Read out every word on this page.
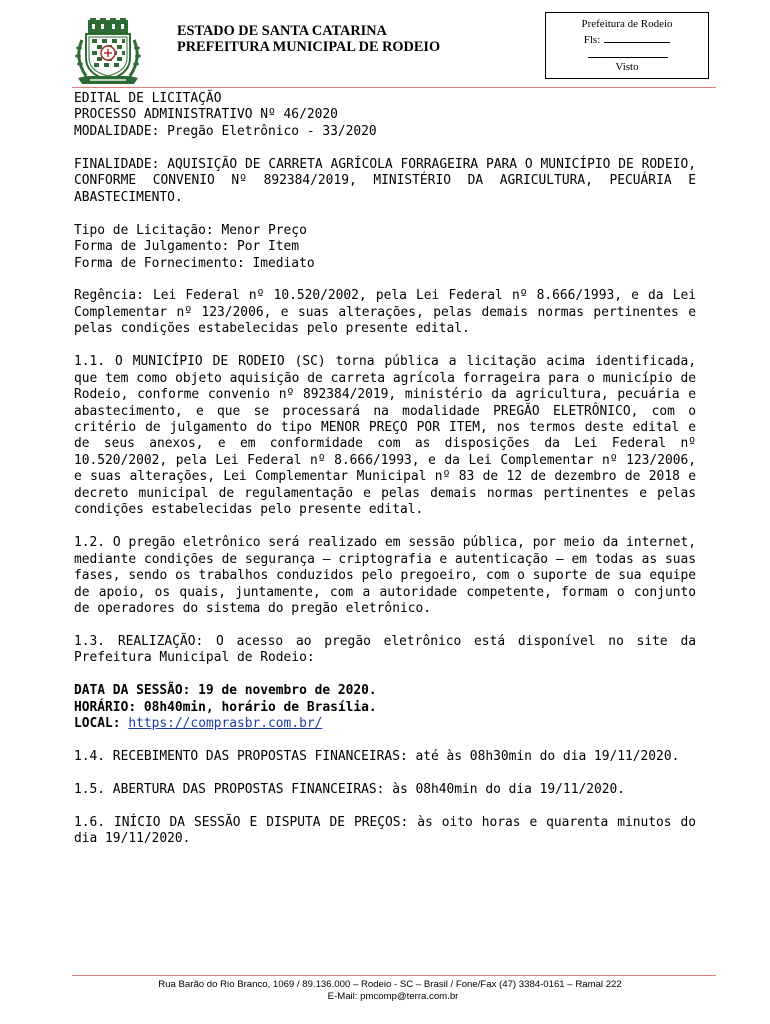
ESTADO DE SANTA CATARINA
PREFEITURA MUNICIPAL DE RODEIO
Prefeitura de Rodeio
Fls:
Visto

EDITAL DE LICITAÇÃO
PROCESSO ADMINISTRATIVO Nº 46/2020
MODALIDADE: Pregão Eletrônico - 33/2020

FINALIDADE: AQUISIÇÃO DE CARRETA AGRÍCOLA FORRAGEIRA PARA O MUNICÍPIO DE RODEIO, CONFORME CONVENIO Nº 892384/2019, MINISTÉRIO DA AGRICULTURA, PECUÁRIA E ABASTECIMENTO.

Tipo de Licitação: Menor Preço
Forma de Julgamento: Por Item
Forma de Fornecimento: Imediato

Regência: Lei Federal nº 10.520/2002, pela Lei Federal nº 8.666/1993, e da Lei Complementar nº 123/2006, e suas alterações, pelas demais normas pertinentes e pelas condições estabelecidas pelo presente edital.

1.1. O MUNICÍPIO DE RODEIO (SC) torna pública a licitação acima identificada, que tem como objeto aquisição de carreta agrícola forrageira para o município de Rodeio, conforme convenio nº 892384/2019, ministério da agricultura, pecuária e abastecimento, e que se processará na modalidade PREGÃO ELETRÔNICO, com o critério de julgamento do tipo MENOR PREÇO POR ITEM, nos termos deste edital e de seus anexos, e em conformidade com as disposições da Lei Federal nº 10.520/2002, pela Lei Federal nº 8.666/1993, e da Lei Complementar nº 123/2006, e suas alterações, Lei Complementar Municipal nº 83 de 12 de dezembro de 2018 e decreto municipal de regulamentação e pelas demais normas pertinentes e pelas condições estabelecidas pelo presente edital.

1.2. O pregão eletrônico será realizado em sessão pública, por meio da internet, mediante condições de segurança – criptografia e autenticação – em todas as suas fases, sendo os trabalhos conduzidos pelo pregoeiro, com o suporte de sua equipe de apoio, os quais, juntamente, com a autoridade competente, formam o conjunto de operadores do sistema do pregão eletrônico.

1.3. REALIZAÇÃO: O acesso ao pregão eletrônico está disponível no site da Prefeitura Municipal de Rodeio:

DATA DA SESSÃO: 19 de novembro de 2020.
HORÁRIO: 08h40min, horário de Brasília.
LOCAL: https://comprasbr.com.br/

1.4. RECEBIMENTO DAS PROPOSTAS FINANCEIRAS: até às 08h30min do dia 19/11/2020.

1.5. ABERTURA DAS PROPOSTAS FINANCEIRAS: às 08h40min do dia 19/11/2020.

1.6. INÍCIO DA SESSÃO E DISPUTA DE PREÇOS: às oito horas e quarenta minutos do dia 19/11/2020.

Rua Barão do Rio Branco, 1069 / 89.136.000 – Rodeio - SC – Brasil / Fone/Fax (47) 3384-0161 – Ramal 222
E-Mail: pmcomp@terra.com.br
